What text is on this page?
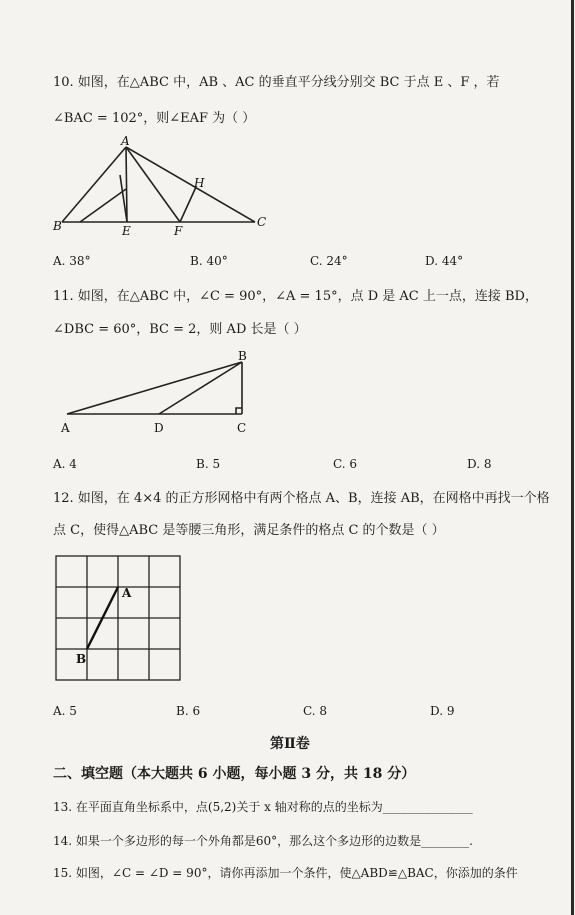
10. 如图，在△ABC 中，AB 、AC 的垂直平分线分别交 BC 于点 E 、F ，若
∠BAC = 102°，则∠EAF 为（ ）
A
B	C
E	F
H
A. 38°	B. 40°	C. 24°	D. 44°
11. 如图，在△ABC 中，∠C = 90°，∠A = 15°，点 D 是 AC 上一点，连接 BD，
∠DBC = 60°，BC = 2，则 AD 长是（ ）
A
B
C
D
A. 4	B. 5	C. 6	D. 8
12. 如图，在 4×4 的正方形网格中有两个格点 A、B，连接 AB，在网格中再找一个格
点 C，使得△ABC 是等腰三角形，满足条件的格点 C 的个数是（ ）
A
B
A. 5	B. 6	C. 8	D. 9
第Ⅱ卷
二、填空题（本大题共 6 小题，每小题 3 分，共 18 分）
13. 在平面直角坐标系中，点(5,2)关于 x 轴对称的点的坐标为_______________
14. 如果一个多边形的每一个外角都是60°，那么这个多边形的边数是________.
15. 如图，∠C = ∠D = 90°，请你再添加一个条件，使△ABD≌△BAC，你添加的条件
